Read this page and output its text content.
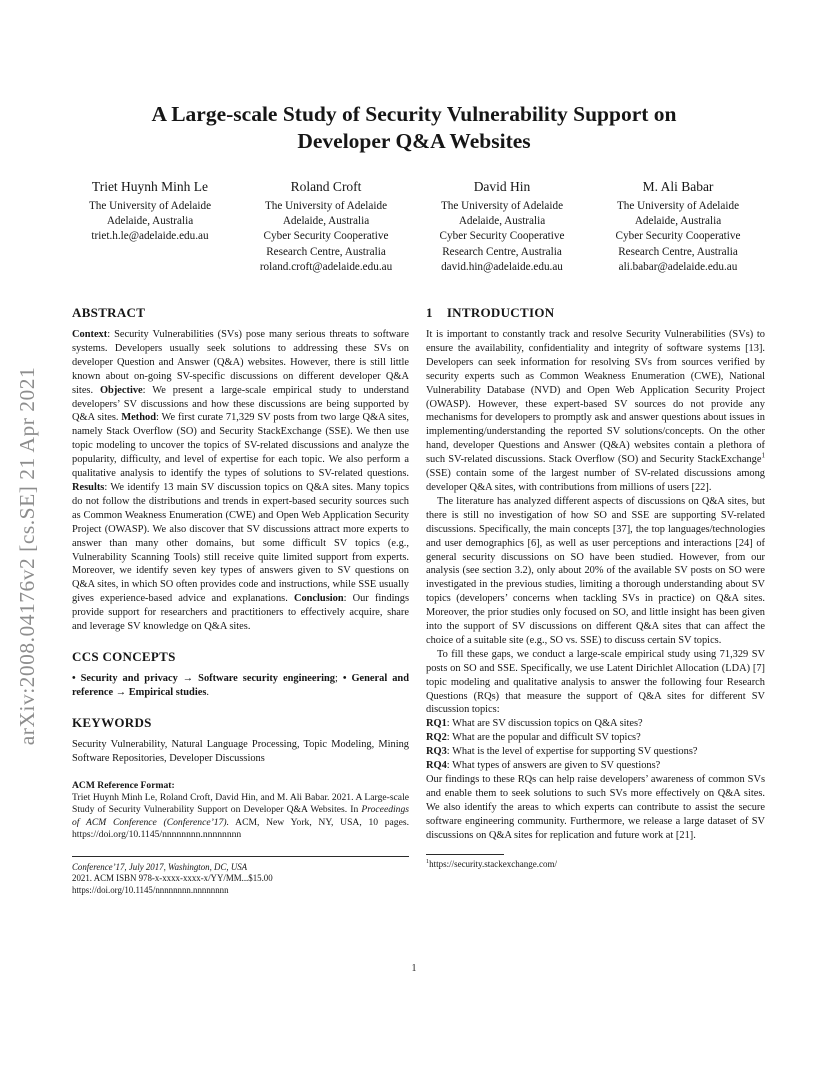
arXiv:2008.04176v2 [cs.SE] 21 Apr 2021
A Large-scale Study of Security Vulnerability Support on
Developer Q&A Websites
Triet Huynh Minh Le
The University of Adelaide
Adelaide, Australia
triet.h.le@adelaide.edu.au
Roland Croft
The University of Adelaide
Adelaide, Australia
Cyber Security Cooperative
Research Centre, Australia
roland.croft@adelaide.edu.au
David Hin
The University of Adelaide
Adelaide, Australia
Cyber Security Cooperative
Research Centre, Australia
david.hin@adelaide.edu.au
M. Ali Babar
The University of Adelaide
Adelaide, Australia
Cyber Security Cooperative
Research Centre, Australia
ali.babar@adelaide.edu.au
ABSTRACT

Context: Security Vulnerabilities (SVs) pose many serious threats to software systems. Developers usually seek solutions to addressing these SVs on developer Question and Answer (Q&A) websites. However, there is still little known about on-going SV-specific discussions on different developer Q&A sites. Objective: We present a large-scale empirical study to understand developers’ SV discussions and how these discussions are being supported by Q&A sites. Method: We first curate 71,329 SV posts from two large Q&A sites, namely Stack Overflow (SO) and Security StackExchange (SSE). We then use topic modeling to uncover the topics of SV-related discussions and analyze the popularity, difficulty, and level of expertise for each topic. We also perform a qualitative analysis to identify the types of solutions to SV-related questions. Results: We identify 13 main SV discussion topics on Q&A sites. Many topics do not follow the distributions and trends in expert-based security sources such as Common Weakness Enumeration (CWE) and Open Web Application Security Project (OWASP). We also discover that SV discussions attract more experts to answer than many other domains, but some difficult SV topics (e.g., Vulnerability Scanning Tools) still receive quite limited support from experts. Moreover, we identify seven key types of answers given to SV questions on Q&A sites, in which SO often provides code and instructions, while SSE usually gives experience-based advice and explanations. Conclusion: Our findings provide support for researchers and practitioners to effectively acquire, share and leverage SV knowledge on Q&A sites.

CCS CONCEPTS

• Security and privacy → Software security engineering; • General and reference → Empirical studies.

KEYWORDS

Security Vulnerability, Natural Language Processing, Topic Modeling, Mining Software Repositories, Developer Discussions

ACM Reference Format:

Triet Huynh Minh Le, Roland Croft, David Hin, and M. Ali Babar. 2021. A Large-scale Study of Security Vulnerability Support on Developer Q&A Websites. In Proceedings of ACM Conference (Conference’17). ACM, New York, NY, USA, 10 pages. https://doi.org/10.1145/nnnnnnnn.nnnnnnnn

Conference’17, July 2017, Washington, DC, USA
2021. ACM ISBN 978-x-xxxx-xxxx-x/YY/MM...$15.00
https://doi.org/10.1145/nnnnnnnn.nnnnnnnn
1 INTRODUCTION

It is important to constantly track and resolve Security Vulnerabilities (SVs) to ensure the availability, confidentiality and integrity of software systems [13]. Developers can seek information for resolving SVs from sources verified by security experts such as Common Weakness Enumeration (CWE), National Vulnerability Database (NVD) and Open Web Application Security Project (OWASP). However, these expert-based SV sources do not provide any mechanisms for developers to promptly ask and answer questions about issues in implementing/understanding the reported SV solutions/concepts. On the other hand, developer Questions and Answer (Q&A) websites contain a plethora of such SV-related discussions. Stack Overflow (SO) and Security StackExchange$^1$ (SSE) contain some of the largest number of SV-related discussions among developer Q&A sites, with contributions from millions of users [22].

The literature has analyzed different aspects of discussions on Q&A sites, but there is still no investigation of how SO and SSE are supporting SV-related discussions. Specifically, the main concepts [37], the top languages/technologies and user demographics [6], as well as user perceptions and interactions [24] of general security discussions on SO have been studied. However, from our analysis (see section 3.2), only about 20% of the available SV posts on SO were investigated in the previous studies, limiting a thorough understanding about SV topics (developers’ concerns when tackling SVs in practice) on Q&A sites. Moreover, the prior studies only focused on SO, and little insight has been given into the support of SV discussions on different Q&A sites that can affect the choice of a suitable site (e.g., SO vs. SSE) to discuss certain SV topics.

To fill these gaps, we conduct a large-scale empirical study using 71,329 SV posts on SO and SSE. Specifically, we use Latent Dirichlet Allocation (LDA) [7] topic modeling and qualitative analysis to answer the following four Research Questions (RQs) that measure the support of Q&A sites for different SV discussion topics:

RQ1: What are SV discussion topics on Q&A sites?

RQ2: What are the popular and difficult SV topics?

RQ3: What is the level of expertise for supporting SV questions?

RQ4: What types of answers are given to SV questions?

Our findings to these RQs can help raise developers’ awareness of common SVs and enable them to seek solutions to such SVs more effectively on Q&A sites. We also identify the areas to which experts can contribute to assist the secure software engineering community. Furthermore, we release a large dataset of SV discussions on Q&A sites for replication and future work at [21].

$^1$https://security.stackexchange.com/
1
